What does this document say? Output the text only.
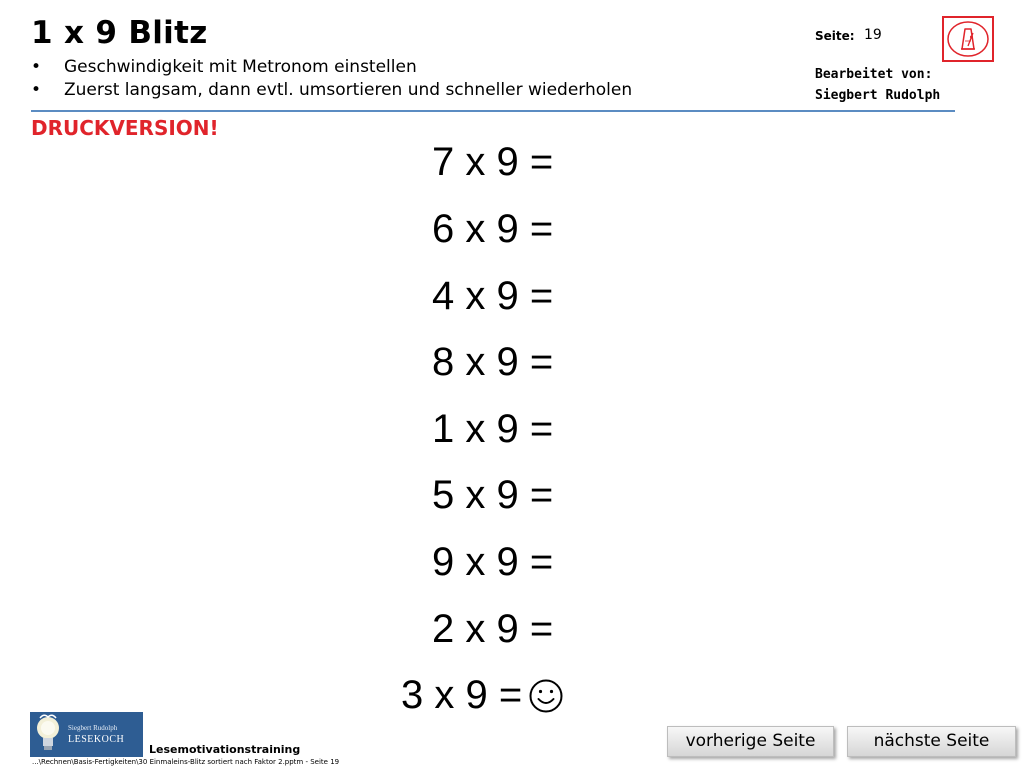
1 x 9 Blitz
• Geschwindigkeit mit Metronom einstellen
• Zuerst langsam, dann evtl. umsortieren und schneller wiederholen
Seite: 19
Bearbeitet von:
Siegbert Rudolph
DRUCKVERSION!
7 x 9 =
6 x 9 =
4 x 9 =
8 x 9 =
1 x 9 =
5 x 9 =
9 x 9 =
2 x 9 =
3 x 9 =
Siegbert Rudolph
LESEKOCH
Lesemotivationstraining
...\Rechnen\Basis-Fertigkeiten\30 Einmaleins-Blitz sortiert nach Faktor 2.pptm - Seite 19
vorherige Seite	nächste Seite
